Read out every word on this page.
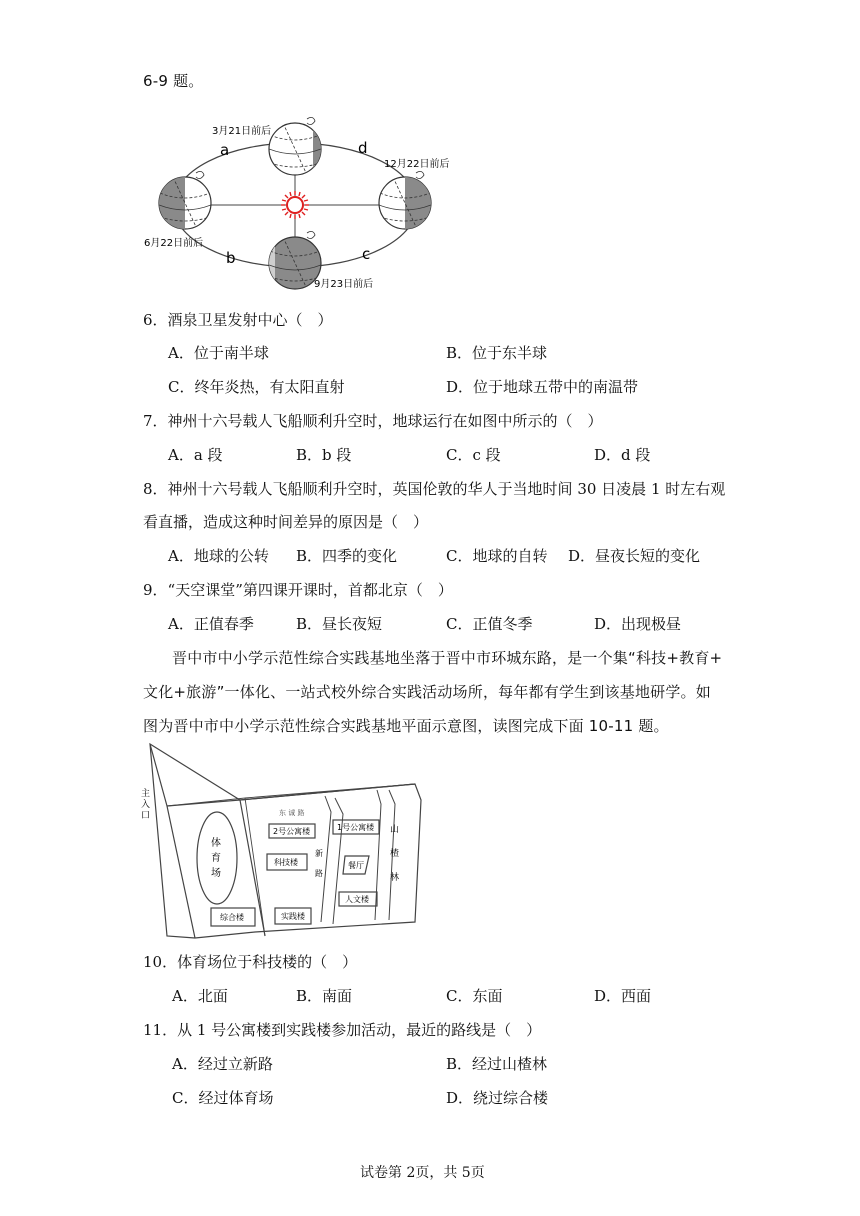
6-9 题。
3月21日前后
12月22日前后
6月22日前后
9月23日前后
a
b	c
d
6．酒泉卫星发射中心（　）
A．位于南半球	B．位于东半球
C．终年炎热，有太阳直射	D．位于地球五带中的南温带
7．神州十六号载人飞船顺利升空时，地球运行在如图中所示的（　）
A．a 段	B．b 段	C．c 段	D．d 段
8．神州十六号载人飞船顺利升空时，英国伦敦的华人于当地时间 30 日凌晨 1 时左右观
看直播，造成这种时间差异的原因是（　）
A．地球的公转 B．四季的变化	C．地球的自转 D．昼夜长短的变化
9．“天空课堂”第四课开课时，首都北京（　）
A．正值春季	B．昼长夜短	C．正值冬季	D．出现极昼
晋中市中小学示范性综合实践基地坐落于晋中市环城东路，是一个集“科技+教育+
文化+旅游”一体化、一站式校外综合实践活动场所，每年都有学生到该基地研学。如
图为晋中市中小学示范性综合实践基地平面示意图，读图完成下面 10-11 题。
主
入
口
体
育
场
东 诚 路
新
路
山
楂
林
2号公寓楼	1号公寓楼
科技楼	餐厅
人文楼
实践楼
综合楼
10．体育场位于科技楼的（　）
A．北面	B．南面	C．东面	D．西面
11．从 1 号公寓楼到实践楼参加活动，最近的路线是（　）
A．经过立新路	B．经过山楂林
C．经过体育场	D．绕过综合楼
试卷第 2页，共 5页
